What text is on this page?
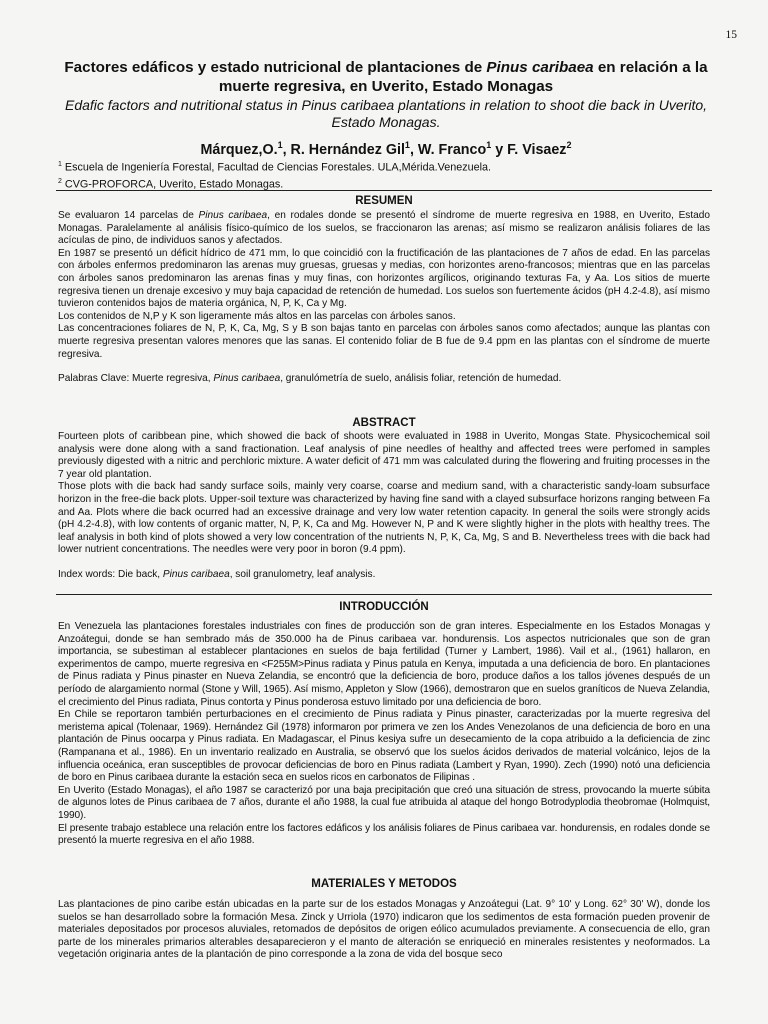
15

Factores edáficos y estado nutricional de plantaciones de Pinus caribaea en relación a la muerte regresiva, en Uverito, Estado Monagas

Edafic factors and nutritional status in Pinus caribaea plantations in relation to shoot die back in Uverito, Estado Monagas.

Márquez,O.$^1$, R. Hernández Gil$^1$, W. Franco$^1$ y F. Visaez$^2$
$^1$ Escuela de Ingeniería Forestal, Facultad de Ciencias Forestales. ULA,Mérida.Venezuela.
$^2$ CVG-PROFORCA, Uverito, Estado Monagas.
RESUMEN

Se evaluaron 14 parcelas de Pinus caribaea, en rodales donde se presentó el síndrome de muerte regresiva en 1988, en Uverito, Estado Monagas. Paralelamente al análisis físico-químico de los suelos, se fraccionaron las arenas; así mismo se realizaron análisis foliares de las acículas de pino, de individuos sanos y afectados.

En 1987 se presentó un déficit hídrico de 471 mm, lo que coincidió con la fructificación de las plantaciones de 7 años de edad. En las parcelas con árboles enfermos predominaron las arenas muy gruesas, gruesas y medias, con horizontes areno-francosos; mientras que en las parcelas con árboles sanos predominaron las arenas finas y muy finas, con horizontes argílicos, originando texturas Fa, y Aa. Los sitios de muerte regresiva tienen un drenaje excesivo y muy baja capacidad de retención de humedad. Los suelos son fuertemente ácidos (pH 4.2-4.8), así mismo tuvieron contenidos bajos de materia orgánica, N, P, K, Ca y Mg.

Los contenidos de N,P y K son ligeramente más altos en las parcelas con árboles sanos.

Las concentraciones foliares de N, P, K, Ca, Mg, S y B son bajas tanto en parcelas con árboles sanos como afectados; aunque las plantas con muerte regresiva presentan valores menores que las sanas. El contenido foliar de B fue de 9.4 ppm en las plantas con el síndrome de muerte regresiva.

Palabras Clave: Muerte regresiva, Pinus caribaea, granulómetría de suelo, análisis foliar, retención de humedad.

ABSTRACT

Fourteen plots of caribbean pine, which showed die back of shoots were evaluated in 1988 in Uverito, Mongas State. Physicochemical soil analysis were done along with a sand fractionation. Leaf analysis of pine needles of healthy and affected trees were perfomed in samples previously digested with a nitric and perchloric mixture. A water deficit of 471 mm was calculated during the flowering and fruiting processes in the 7 year old plantation.

Those plots with die back had sandy surface soils, mainly very coarse, coarse and medium sand, with a characteristic sandy-loam subsurface horizon in the free-die back plots. Upper-soil texture was characterized by having fine sand with a clayed subsurface horizons ranging between Fa and Aa. Plots where die back ocurred had an excessive drainage and very low water retention capacity. In general the soils were strongly acids (pH 4.2-4.8), with low contents of organic matter, N, P, K, Ca and Mg. However N, P and K were slightly higher in the plots with healthy trees. The leaf analysis in both kind of plots showed a very low concentration of the nutrients N, P, K, Ca, Mg, S and B. Nevertheless trees with die back had lower nutrient concentrations. The needles were very poor in boron (9.4 ppm).

Index words: Die back, Pinus caribaea, soil granulometry, leaf analysis.

INTRODUCCIÓN

En Venezuela las plantaciones forestales industriales con fines de producción son de gran interes. Especialmente en los Estados Monagas y Anzoátegui, donde se han sembrado más de 350.000 ha de Pinus caribaea var. hondurensis. Los aspectos nutricionales que son de gran importancia, se subestiman al establecer plantaciones en suelos de baja fertilidad (Turner y Lambert, 1986). Vail et al., (1961) hallaron, en experimentos de campo, muerte regresiva en <F255M>Pinus radiata y Pinus patula en Kenya, imputada a una deficiencia de boro. En plantaciones de Pinus radiata y Pinus pinaster en Nueva Zelandia, se encontró que la deficiencia de boro, produce daños a los tallos jóvenes después de un período de alargamiento normal (Stone y Will, 1965). Así mismo, Appleton y Slow (1966), demostraron que en suelos graníticos de Nueva Zelandia, el crecimiento del Pinus radiata, Pinus contorta y Pinus ponderosa estuvo limitado por una deficiencia de boro.

En Chile se reportaron también perturbaciones en el crecimiento de Pinus radiata y Pinus pinaster, caracterizadas por la muerte regresiva del meristema apical (Tolenaar, 1969). Hernández Gil (1978) informaron por primera ve zen los Andes Venezolanos de una deficiencia de boro en una plantación de Pinus oocarpa y Pinus radiata. En Madagascar, el Pinus kesiya sufre un desecamiento de la copa atribuido a la deficiencia de zinc (Rampanana et al., 1986). En un inventario realizado en Australia, se observó que los suelos ácidos derivados de material volcánico, lejos de la influencia oceánica, eran susceptibles de provocar deficiencias de boro en Pinus radiata (Lambert y Ryan, 1990). Zech (1990) notó una deficiencia de boro en Pinus caribaea durante la estación seca en suelos ricos en carbonatos de Filipinas .

En Uverito (Estado Monagas), el año 1987 se caracterizó por una baja precipitación que creó una situación de stress, provocando la muerte súbita de algunos lotes de Pinus caribaea de 7 años, durante el año 1988, la cual fue atribuida al ataque del hongo Botrodyplodia theobromae (Holmquist, 1990).

El presente trabajo establece una relación entre los factores edáficos y los análisis foliares de Pinus caribaea var. hondurensis, en rodales donde se presentó la muerte regresiva en el año 1988.

MATERIALES Y METODOS

Las plantaciones de pino caribe están ubicadas en la parte sur de los estados Monagas y Anzoátegui (Lat. 9° 10' y Long. 62° 30' W), donde los suelos se han desarrollado sobre la formación Mesa. Zinck y Urriola (1970) indicaron que los sedimentos de esta formación pueden provenir de materiales depositados por procesos aluviales, retomados de depósitos de origen eólico acumulados previamente. A consecuencia de ello, gran parte de los minerales primarios alterables desaparecieron y el manto de alteración se enriqueció en minerales resistentes y neoformados. La vegetación originaria antes de la plantación de pino corresponde a la zona de vida del bosque seco
